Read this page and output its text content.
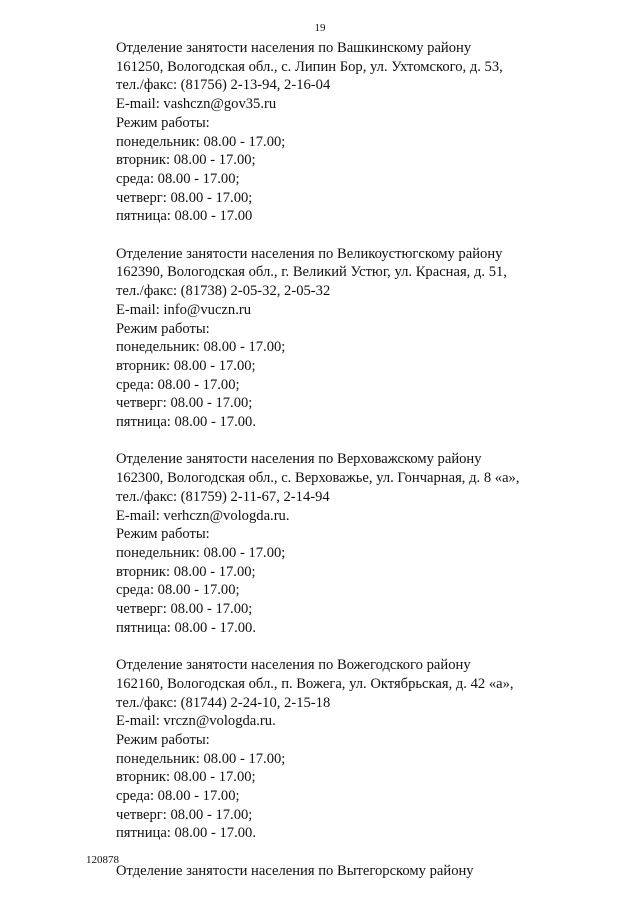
19
Отделение занятости населения по Вашкинскому району
161250, Вологодская обл., с. Липин Бор, ул. Ухтомского, д. 53,
тел./факс: (81756) 2-13-94, 2-16-04
E-mail: vashczn@gov35.ru
Режим работы:
понедельник: 08.00 - 17.00;
вторник: 08.00 - 17.00;
среда: 08.00 - 17.00;
четверг: 08.00 - 17.00;
пятница: 08.00 - 17.00
Отделение занятости населения по Великоустюгскому району
162390, Вологодская обл., г. Великий Устюг, ул. Красная, д. 51,
тел./факс: (81738) 2-05-32, 2-05-32
E-mail: info@vuczn.ru
Режим работы:
понедельник: 08.00 - 17.00;
вторник: 08.00 - 17.00;
среда: 08.00 - 17.00;
четверг: 08.00 - 17.00;
пятница: 08.00 - 17.00.
Отделение занятости населения по Верховажскому району
162300, Вологодская обл., с. Верховажье, ул. Гончарная, д. 8 «а»,
тел./факс: (81759) 2-11-67, 2-14-94
E-mail: verhczn@vologda.ru.
Режим работы:
понедельник: 08.00 - 17.00;
вторник: 08.00 - 17.00;
среда: 08.00 - 17.00;
четверг: 08.00 - 17.00;
пятница: 08.00 - 17.00.
Отделение занятости населения по Вожегодского району
162160, Вологодская обл., п. Вожега, ул. Октябрьская, д. 42 «а»,
тел./факс: (81744) 2-24-10, 2-15-18
E-mail: vrczn@vologda.ru.
Режим работы:
понедельник: 08.00 - 17.00;
вторник: 08.00 - 17.00;
среда: 08.00 - 17.00;
четверг: 08.00 - 17.00;
пятница: 08.00 - 17.00.
Отделение занятости населения по Вытегорскому району
120878
